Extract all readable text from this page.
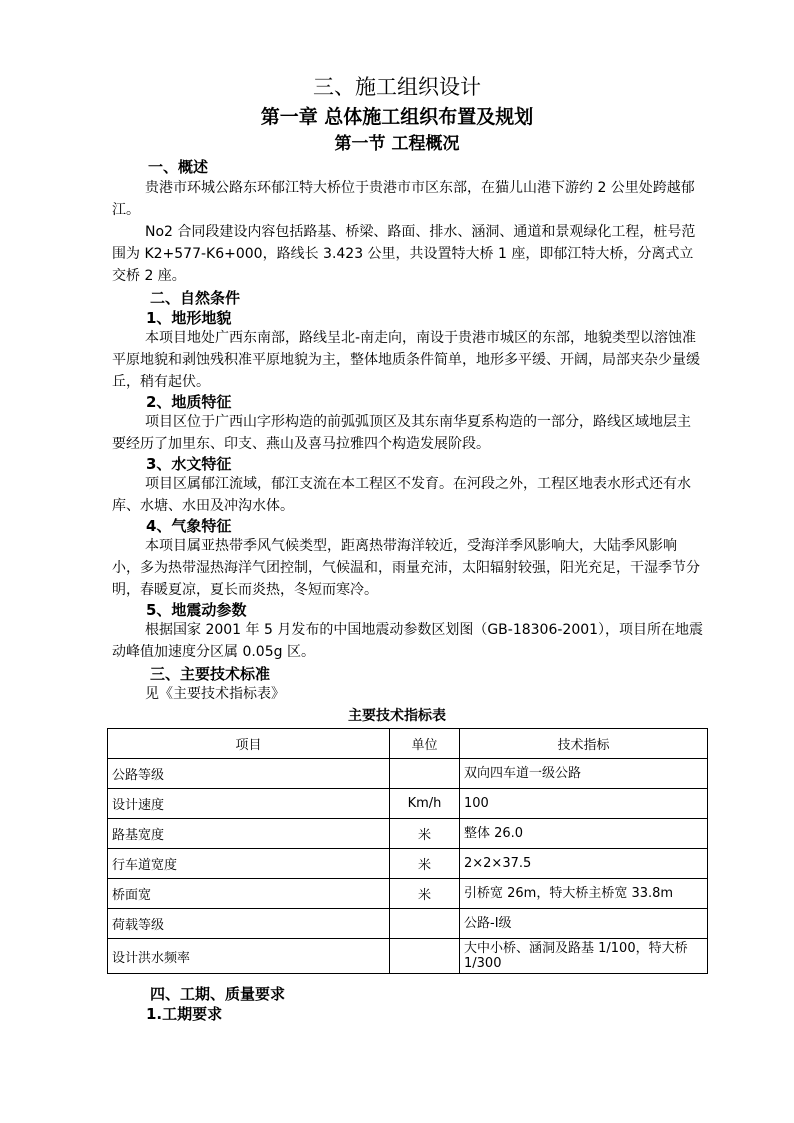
三、施工组织设计
第一章 总体施工组织布置及规划
第一节 工程概况
一、概述
贵港市环城公路东环郁江特大桥位于贵港市市区东部，在猫儿山港下游约 2 公里处跨越郁江。
No2 合同段建设内容包括路基、桥梁、路面、排水、涵洞、通道和景观绿化工程，桩号范围为 K2+577-K6+000，路线长 3.423 公里，共设置特大桥 1 座，即郁江特大桥，分离式立交桥 2 座。
二、自然条件
1、地形地貌
本项目地处广西东南部，路线呈北-南走向，南设于贵港市城区的东部，地貌类型以溶蚀准平原地貌和剥蚀残积准平原地貌为主，整体地质条件简单，地形多平缓、开阔，局部夹杂少量缓丘，稍有起伏。
2、地质特征
项目区位于广西山字形构造的前弧弧顶区及其东南华夏系构造的一部分，路线区域地层主要经历了加里东、印支、燕山及喜马拉雅四个构造发展阶段。
3、水文特征
项目区属郁江流域，郁江支流在本工程区不发育。在河段之外，工程区地表水形式还有水库、水塘、水田及冲沟水体。
4、气象特征
本项目属亚热带季风气候类型，距离热带海洋较近，受海洋季风影响大，大陆季风影响小，多为热带湿热海洋气团控制，气候温和，雨量充沛，太阳辐射较强，阳光充足，干湿季节分明，春暖夏凉，夏长而炎热，冬短而寒冷。
5、地震动参数
根据国家 2001 年 5 月发布的中国地震动参数区划图（GB-18306-2001），项目所在地震动峰值加速度分区属 0.05g 区。
三、主要技术标准
见《主要技术指标表》
主要技术指标表
项目	单位	技术指标
公路等级		双向四车道一级公路
设计速度	Km/h	100
路基宽度	米	整体 26.0
行车道宽度	米	2×2×37.5
桥面宽	米	引桥宽 26m，特大桥主桥宽 33.8m
荷载等级		公路-Ⅰ级
设计洪水频率		大中小桥、涵洞及路基 1/100，特大桥 1/300
四、工期、质量要求
1.工期要求
